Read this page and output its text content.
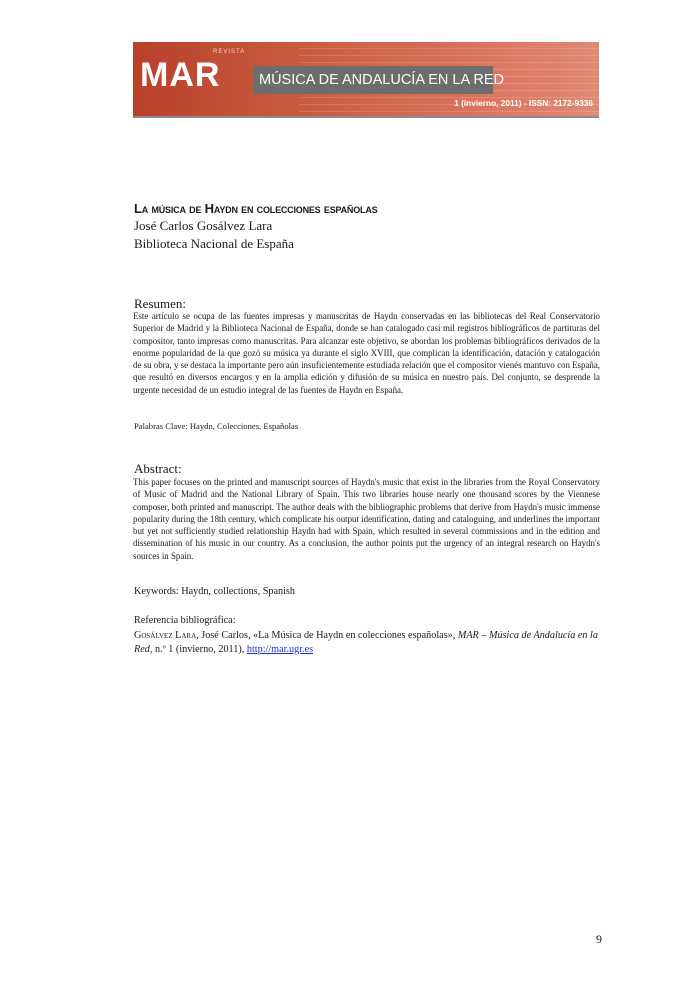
REVISTA
MAR	MÚSICA DE ANDALUCÍA EN LA RED
1 (invierno, 2011) - ISSN: 2172-9336
La música de Haydn en colecciones españolas

José Carlos Gosálvez Lara

Biblioteca Nacional de España

Resumen:

Este artículo se ocupa de las fuentes impresas y manuscritas de Haydn conservadas en las bibliotecas del Real Conservatorio Superior de Madrid y la Biblioteca Nacional de España, donde se han catalogado casi mil registros bibliográficos de partituras del compositor, tanto impresas como manuscritas. Para alcanzar este objetivo, se abordan los problemas bibliográficos derivados de la enorme popularidad de la que gozó su música ya durante el siglo XVIII, que complican la identificación, datación y catalogación de su obra, y se destaca la importante pero aún insuficientemente estudiada relación que el compositor vienés mantuvo con España, que resultó en diversos encargos y en la amplia edición y difusión de su música en nuestro país. Del conjunto, se desprende la urgente necesidad de un estudio integral de las fuentes de Haydn en España.

Palabras Clave: Haydn, Colecciones, Españolas

Abstract:

This paper focuses on the printed and manuscript sources of Haydn's music that exist in the libraries from the Royal Conservatory of Music of Madrid and the National Library of Spain. This two libraries house nearly one thousand scores by the Viennese composer, both printed and manuscript. The author deals with the bibliographic problems that derive from Haydn's music immense popularity during the 18th century, which complicate his output identification, dating and cataloguing, and underlines the important but yet not sufficiently studied relationship Haydn had with Spain, which resulted in several commissions and in the edition and dissemination of his music in our country. As a conclusion, the author points put the urgency of an integral research on Haydn's sources in Spain.

Keywords: Haydn, collections, Spanish

Referencia bibliográfica:

Gosálvez Lara, José Carlos, «La Música de Haydn en colecciones españolas», MAR – Música de Andalucía en la Red, n.º 1 (invierno, 2011), http://mar.ugr.es

9
